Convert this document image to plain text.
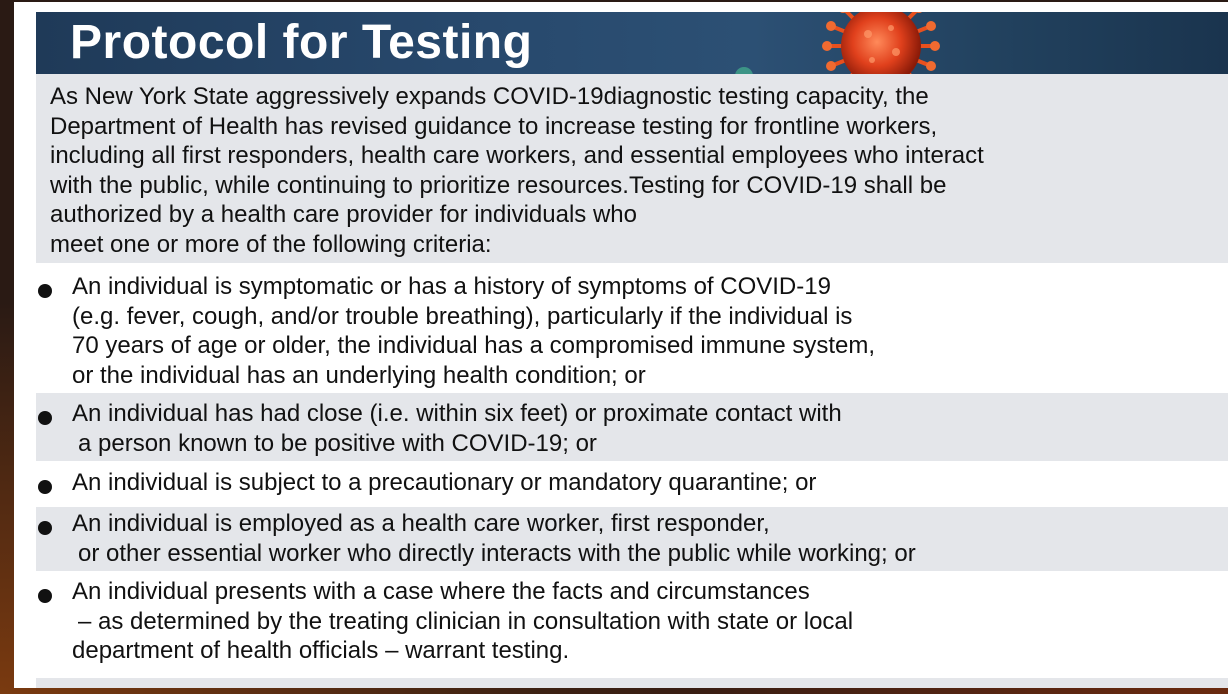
Protocol for Testing
As New York State aggressively expands COVID-19diagnostic testing capacity, the
Department of Health has revised guidance to increase testing for frontline workers,
including all first responders, health care workers, and essential employees who interact
with the public, while continuing to prioritize resources.Testing for COVID-19 shall be
authorized by a health care provider for individuals who
meet one or more of the following criteria:
An individual is symptomatic or has a history of symptoms of COVID-19
(e.g. fever, cough, and/or trouble breathing), particularly if the individual is
70 years of age or older, the individual has a compromised immune system,
or the individual has an underlying health condition; or
An individual has had close (i.e. within six feet) or proximate contact with
a person known to be positive with COVID-19; or
An individual is subject to a precautionary or mandatory quarantine; or
An individual is employed as a health care worker, first responder,
or other essential worker who directly interacts with the public while working; or
An individual presents with a case where the facts and circumstances
– as determined by the treating clinician in consultation with state or local
department of health officials – warrant testing.
